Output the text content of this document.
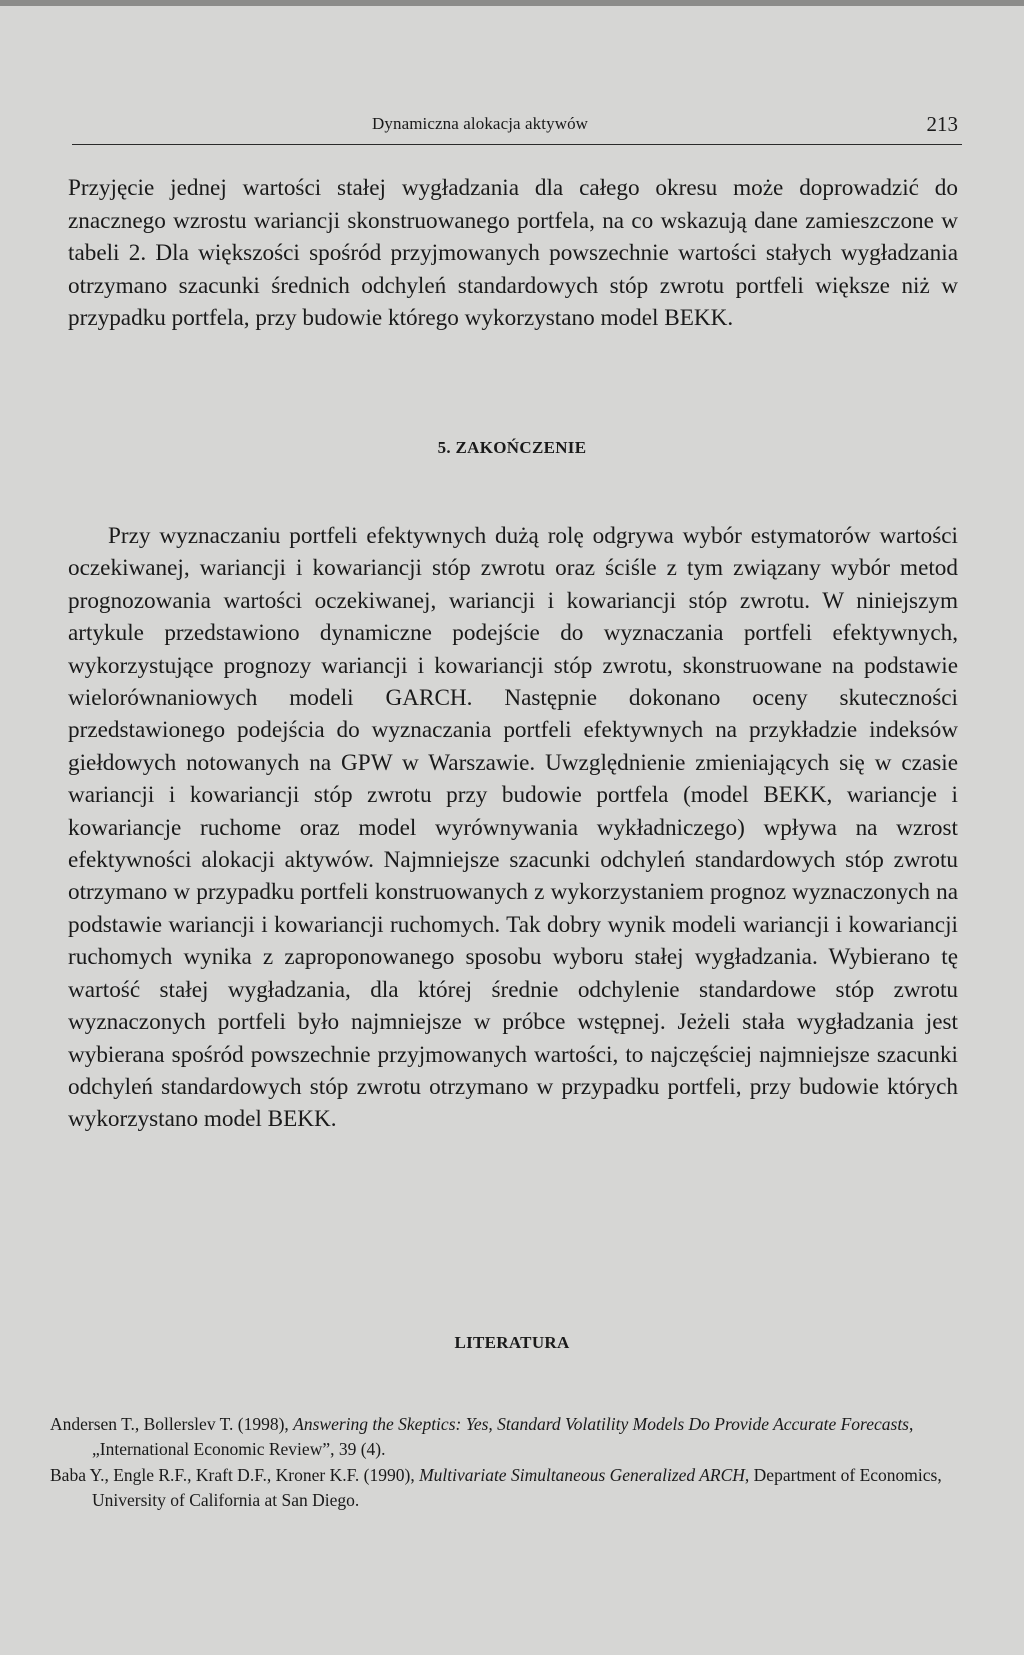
Dynamiczna alokacja aktywów	213

Przyjęcie jednej wartości stałej wygładzania dla całego okresu może doprowadzić do znacznego wzrostu wariancji skonstruowanego portfela, na co wskazują dane zamieszczone w tabeli 2. Dla większości spośród przyjmowanych powszechnie wartości stałych wygładzania otrzymano szacunki średnich odchyleń standardowych stóp zwrotu portfeli większe niż w przypadku portfela, przy budowie którego wykorzystano model BEKK.

5. ZAKOŃCZENIE

Przy wyznaczaniu portfeli efektywnych dużą rolę odgrywa wybór estymatorów wartości oczekiwanej, wariancji i kowariancji stóp zwrotu oraz ściśle z tym związany wybór metod prognozowania wartości oczekiwanej, wariancji i kowariancji stóp zwrotu. W niniejszym artykule przedstawiono dynamiczne podejście do wyznaczania portfeli efektywnych, wykorzystujące prognozy wariancji i kowariancji stóp zwrotu, skonstruowane na podstawie wielorównaniowych modeli GARCH. Następnie dokonano oceny skuteczności przedstawionego podejścia do wyznaczania portfeli efektywnych na przykładzie indeksów giełdowych notowanych na GPW w Warszawie. Uwzględnienie zmieniających się w czasie wariancji i kowariancji stóp zwrotu przy budowie portfela (model BEKK, wariancje i kowariancje ruchome oraz model wyrównywania wykładniczego) wpływa na wzrost efektywności alokacji aktywów. Najmniejsze szacunki odchyleń standardowych stóp zwrotu otrzymano w przypadku portfeli konstruowanych z wykorzystaniem prognoz wyznaczonych na podstawie wariancji i kowariancji ruchomych. Tak dobry wynik modeli wariancji i kowariancji ruchomych wynika z zaproponowanego sposobu wyboru stałej wygładzania. Wybierano tę wartość stałej wygładzania, dla której średnie odchylenie standardowe stóp zwrotu wyznaczonych portfeli było najmniejsze w próbce wstępnej. Jeżeli stała wygładzania jest wybierana spośród powszechnie przyjmowanych wartości, to najczęściej najmniejsze szacunki odchyleń standardowych stóp zwrotu otrzymano w przypadku portfeli, przy budowie których wykorzystano model BEKK.

LITERATURA

Andersen T., Bollerslev T. (1998), Answering the Skeptics: Yes, Standard Volatility Models Do Provide Accurate Forecasts, „International Economic Review”, 39 (4).

Baba Y., Engle R.F., Kraft D.F., Kroner K.F. (1990), Multivariate Simultaneous Generalized ARCH, Department of Economics, University of California at San Diego.
